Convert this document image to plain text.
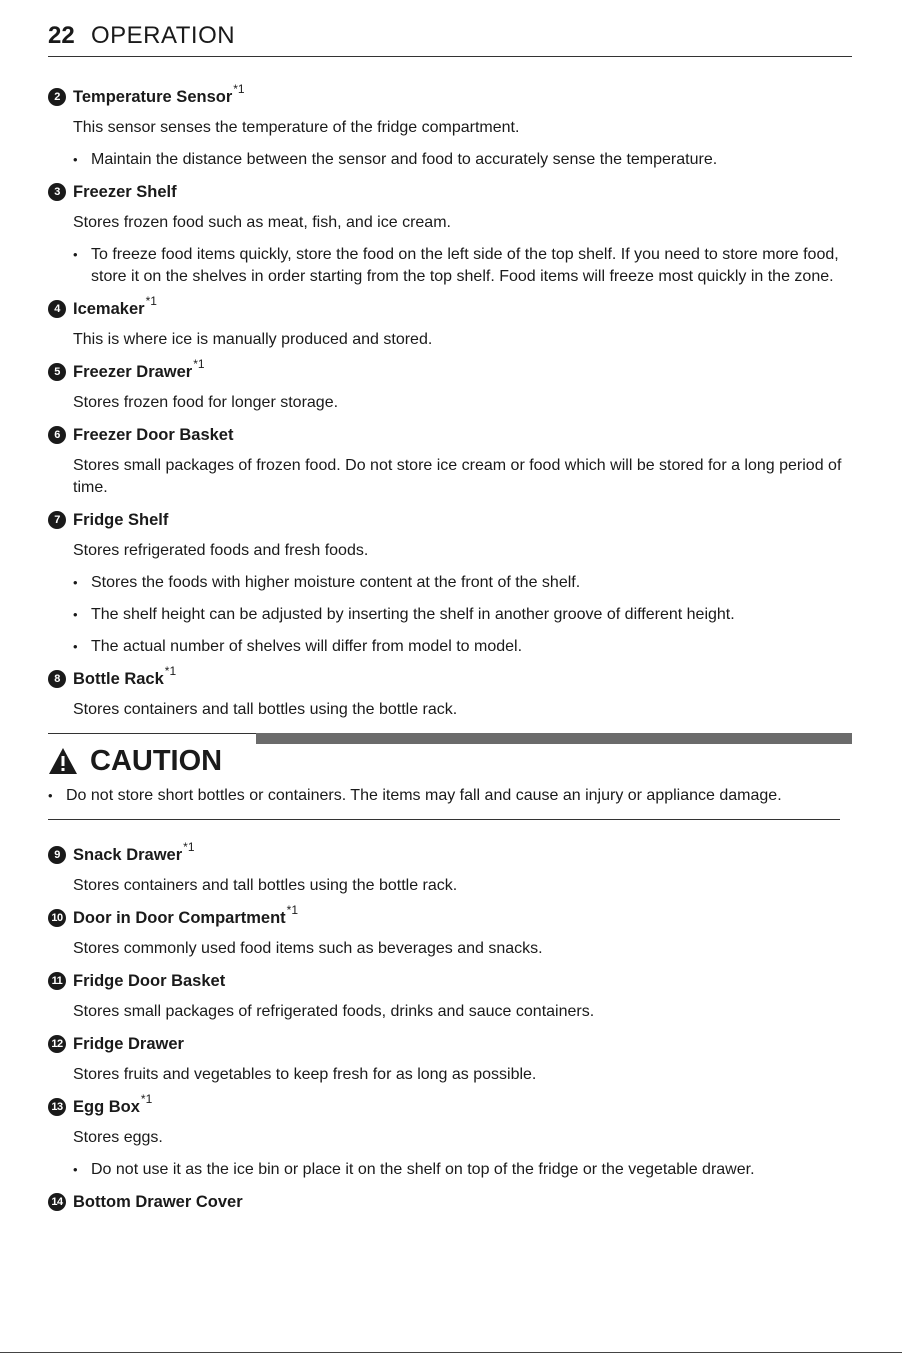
22 OPERATION
2 Temperature Sensor *1
This sensor senses the temperature of the fridge compartment.
• Maintain the distance between the sensor and food to accurately sense the temperature.
3 Freezer Shelf
Stores frozen food such as meat, fish, and ice cream.
• To freeze food items quickly, store the food on the left side of the top shelf. If you need to store more food, store it on the shelves in order starting from the top shelf. Food items will freeze most quickly in the zone.
4 Icemaker *1
This is where ice is manually produced and stored.
5 Freezer Drawer *1
Stores frozen food for longer storage.
6 Freezer Door Basket
Stores small packages of frozen food. Do not store ice cream or food which will be stored for a long period of time.
7 Fridge Shelf
Stores refrigerated foods and fresh foods.
• Stores the foods with higher moisture content at the front of the shelf.
• The shelf height can be adjusted by inserting the shelf in another groove of different height.
• The actual number of shelves will differ from model to model.
8 Bottle Rack *1
Stores containers and tall bottles using the bottle rack.
CAUTION
• Do not store short bottles or containers. The items may fall and cause an injury or appliance damage.
9 Snack Drawer *1
Stores containers and tall bottles using the bottle rack.
10 Door in Door Compartment *1
Stores commonly used food items such as beverages and snacks.
11 Fridge Door Basket
Stores small packages of refrigerated foods, drinks and sauce containers.
12 Fridge Drawer
Stores fruits and vegetables to keep fresh for as long as possible.
13 Egg Box *1
Stores eggs.
• Do not use it as the ice bin or place it on the shelf on top of the fridge or the vegetable drawer.
14 Bottom Drawer Cover
